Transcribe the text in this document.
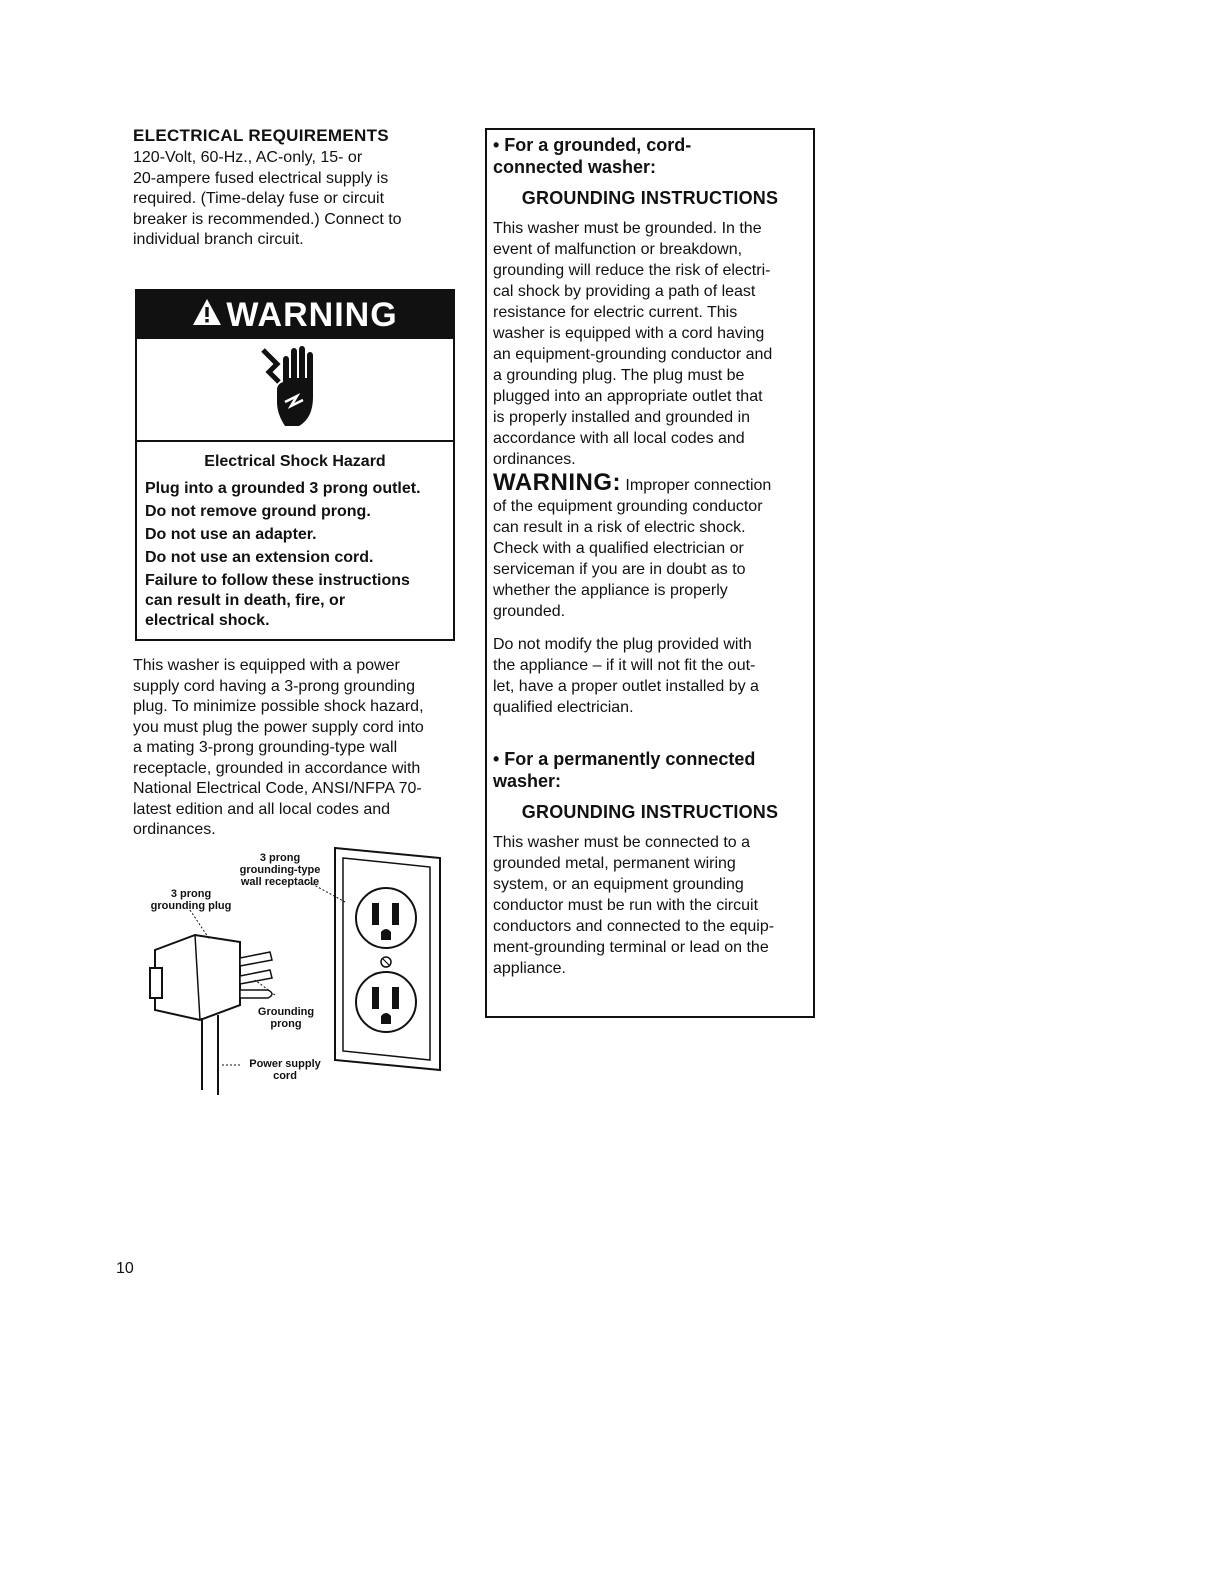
ELECTRICAL REQUIREMENTS

120-Volt, 60-Hz., AC-only, 15- or
20-ampere fused electrical supply is
required. (Time-delay fuse or circuit
breaker is recommended.) Connect to
individual branch circuit.

WARNING
Electrical Shock Hazard
Plug into a grounded 3 prong outlet.
Do not remove ground prong.
Do not use an adapter.
Do not use an extension cord.
Failure to follow these instructions
can result in death, fire, or
electrical shock.

This washer is equipped with a power
supply cord having a 3-prong grounding
plug. To minimize possible shock hazard,
you must plug the power supply cord into
a mating 3-prong grounding-type wall
receptacle, grounded in accordance with
National Electrical Code, ANSI/NFPA 70-
latest edition and all local codes and
ordinances.

3 prong
grounding-type
wall receptacle
3 prong
grounding plug
Grounding
prong
Power supply
cord
• For a grounded, cord-
connected washer:
GROUNDING INSTRUCTIONS

This washer must be grounded. In the
event of malfunction or breakdown,
grounding will reduce the risk of electri-
cal shock by providing a path of least
resistance for electric current. This
washer is equipped with a cord having
an equipment-grounding conductor and
a grounding plug. The plug must be
plugged into an appropriate outlet that
is properly installed and grounded in
accordance with all local codes and
ordinances.

WARNING: Improper connection
of the equipment grounding conductor
can result in a risk of electric shock.
Check with a qualified electrician or
serviceman if you are in doubt as to
whether the appliance is properly
grounded.

Do not modify the plug provided with
the appliance – if it will not fit the out-
let, have a proper outlet installed by a
qualified electrician.

• For a permanently connected
washer:
GROUNDING INSTRUCTIONS

This washer must be connected to a
grounded metal, permanent wiring
system, or an equipment grounding
conductor must be run with the circuit
conductors and connected to the equip-
ment-grounding terminal or lead on the
appliance.

10
